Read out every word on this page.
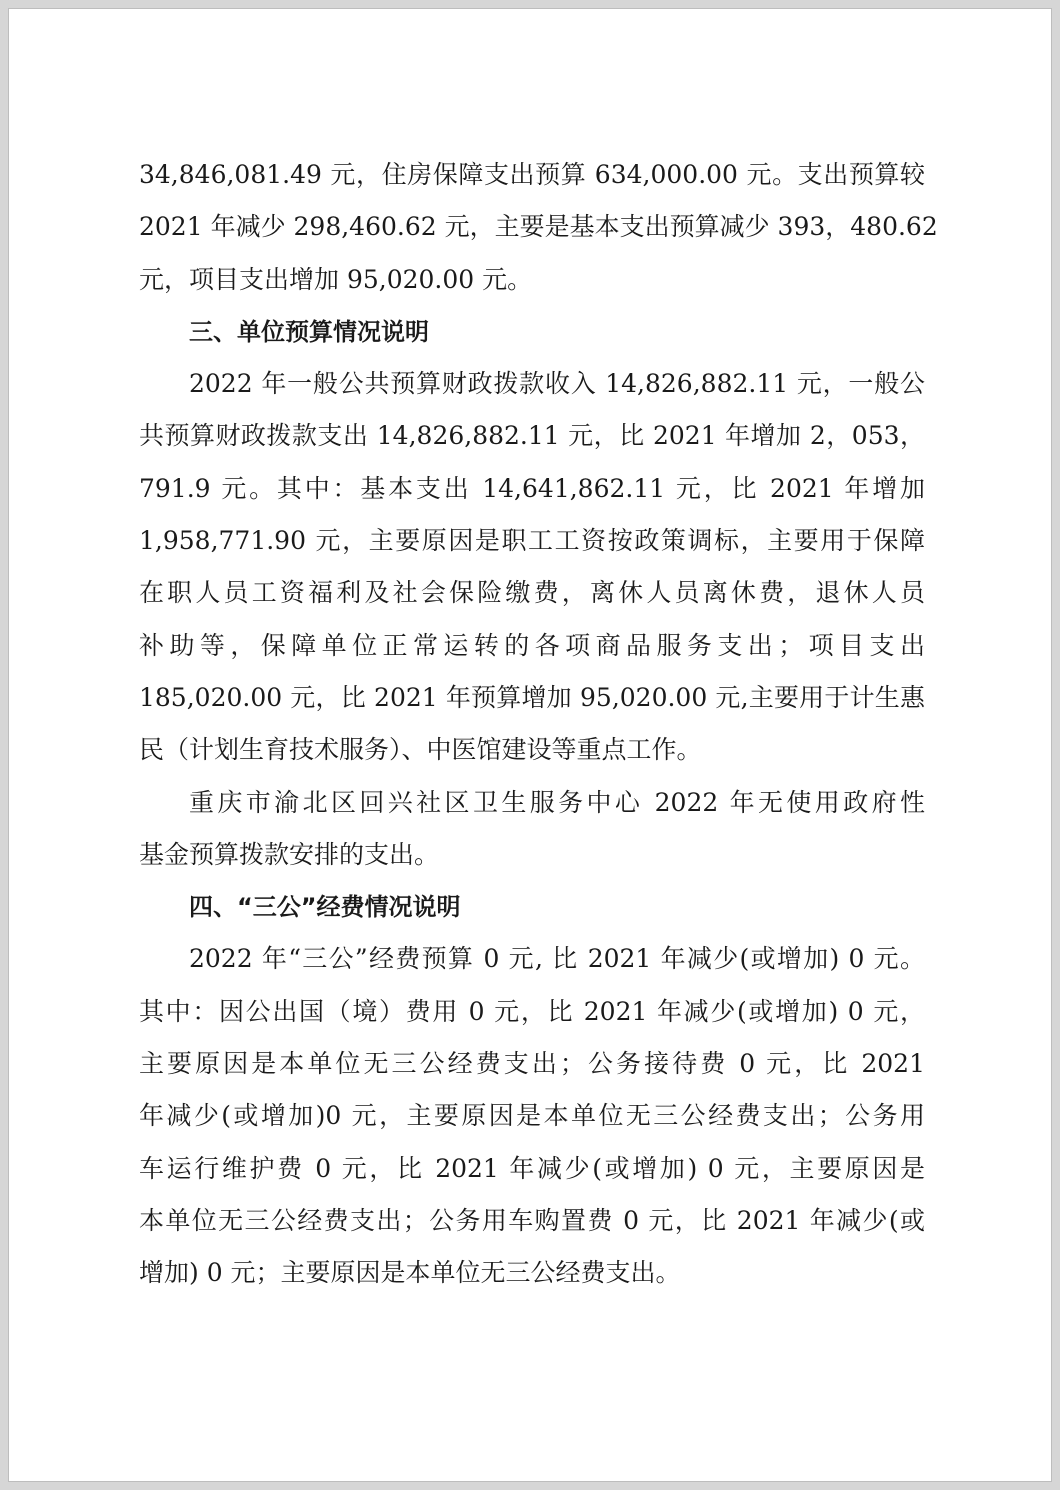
34,846,081.49 元，住房保障支出预算 634,000.00 元。支出预算较
2021 年减少 298,460.62 元，主要是基本支出预算减少 393，480.62
元，项目支出增加 95,020.00 元。
三、单位预算情况说明
2022 年一般公共预算财政拨款收入 14,826,882.11 元，一般公
共预算财政拨款支出 14,826,882.11 元，比 2021 年增加 2，053，
791.9 元。其中：基本支出 14,641,862.11 元，比 2021 年增加
1,958,771.90 元，主要原因是职工工资按政策调标，主要用于保障
在职人员工资福利及社会保险缴费，离休人员离休费，退休人员
补助等，保障单位正常运转的各项商品服务支出；项目支出
185,020.00 元，比 2021 年预算增加 95,020.00 元,主要用于计生惠
民（计划生育技术服务）、中医馆建设等重点工作。
重庆市渝北区回兴社区卫生服务中心 2022 年无使用政府性
基金预算拨款安排的支出。
四、“三公”经费情况说明
2022 年“三公”经费预算 0 元, 比 2021 年减少(或增加) 0 元。
其中：因公出国（境）费用 0 元，比 2021 年减少(或增加) 0 元，
主要原因是本单位无三公经费支出；公务接待费 0 元，比 2021
年减少(或增加)0 元，主要原因是本单位无三公经费支出；公务用
车运行维护费 0 元，比 2021 年减少(或增加) 0 元，主要原因是
本单位无三公经费支出；公务用车购置费 0 元，比 2021 年减少(或
增加) 0 元；主要原因是本单位无三公经费支出。
